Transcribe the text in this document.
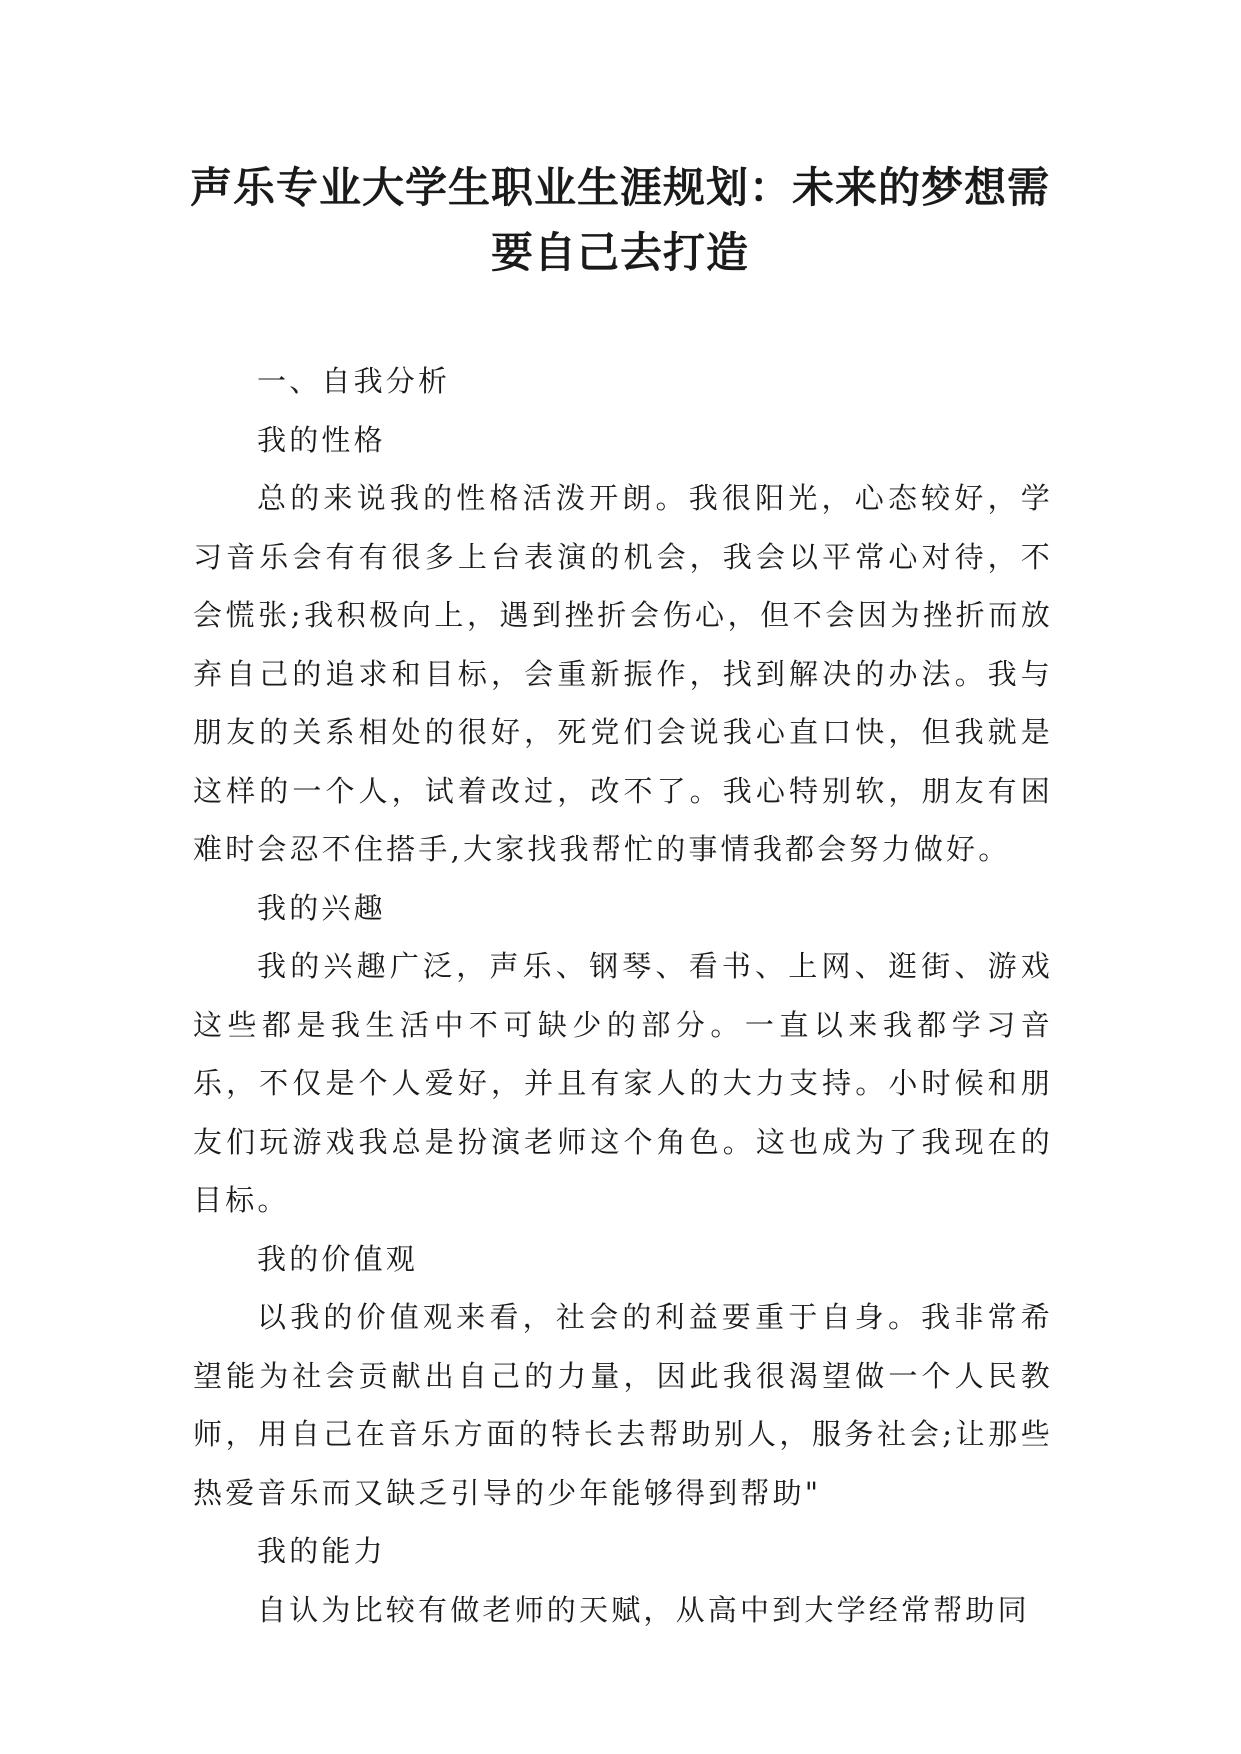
声乐专业大学生职业生涯规划：未来的梦想需要自己去打造

一、自我分析

我的性格

总的来说我的性格活泼开朗。我很阳光，心态较好，学习音乐会有有很多上台表演的机会，我会以平常心对待，不会慌张;我积极向上，遇到挫折会伤心，但不会因为挫折而放弃自己的追求和目标，会重新振作，找到解决的办法。我与朋友的关系相处的很好，死党们会说我心直口快，但我就是这样的一个人，试着改过，改不了。我心特别软，朋友有困难时会忍不住搭手,大家找我帮忙的事情我都会努力做好。

我的兴趣

我的兴趣广泛，声乐、钢琴、看书、上网、逛街、游戏这些都是我生活中不可缺少的部分。一直以来我都学习音乐，不仅是个人爱好，并且有家人的大力支持。小时候和朋友们玩游戏我总是扮演老师这个角色。这也成为了我现在的目标。

我的价值观

以我的价值观来看，社会的利益要重于自身。我非常希望能为社会贡献出自己的力量，因此我很渴望做一个人民教师，用自己在音乐方面的特长去帮助别人，服务社会;让那些热爱音乐而又缺乏引导的少年能够得到帮助"

我的能力

自认为比较有做老师的天赋，从高中到大学经常帮助同
